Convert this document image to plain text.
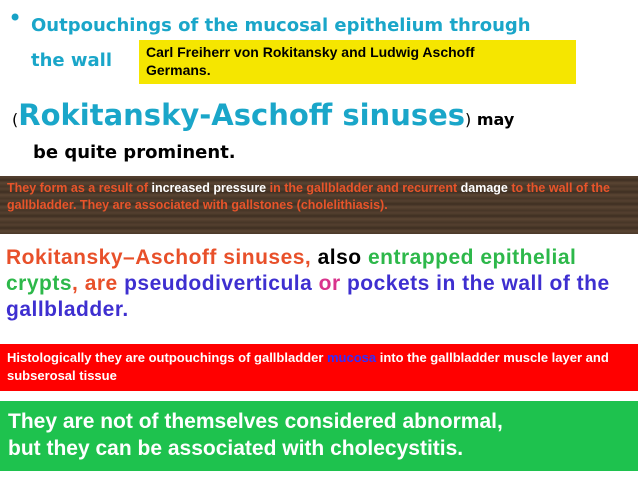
• Outpouchings of the mucosal epithelium through
the wall	Carl Freiherr von Rokitansky and Ludwig Aschoff
Germans.
(Rokitansky-Aschoff sinuses) may
be quite prominent.
They form as a result of increased pressure in the gallbladder and recurrent damage to the wall of the gallbladder. They are associated with gallstones (cholelithiasis).
Rokitansky–Aschoff sinuses, also entrapped epithelial crypts, are pseudodiverticula or pockets in the wall of the gallbladder.
Histologically they are outpouchings of gallbladder mucosa into the gallbladder muscle layer and subserosal tissue
They are not of themselves considered abnormal,
but they can be associated with cholecystitis.
